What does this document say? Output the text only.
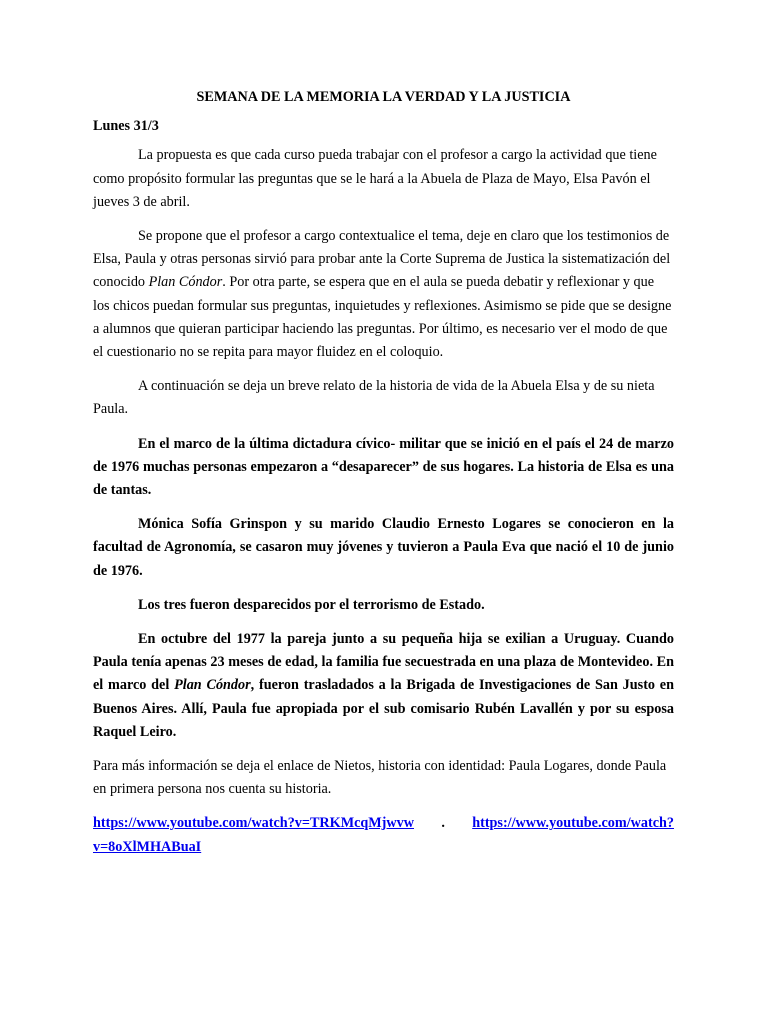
SEMANA DE LA MEMORIA LA VERDAD Y LA JUSTICIA
Lunes 31/3

La propuesta es que cada curso pueda trabajar con el profesor a cargo la actividad que tiene como propósito formular las preguntas que se le hará a la Abuela de Plaza de Mayo, Elsa Pavón el jueves 3 de abril.

Se propone que el profesor a cargo contextualice el tema, deje en claro que los testimonios de Elsa, Paula y otras personas sirvió para probar ante la Corte Suprema de Justica la sistematización del conocido Plan Cóndor. Por otra parte, se espera que en el aula se pueda debatir y reflexionar y que los chicos puedan formular sus preguntas, inquietudes y reflexiones. Asimismo se pide que se designe a alumnos que quieran participar haciendo las preguntas. Por último, es necesario ver el modo de que el cuestionario no se repita para mayor fluidez en el coloquio.

A continuación se deja un breve relato de la historia de vida de la Abuela Elsa y de su nieta Paula.

En el marco de la última dictadura cívico- militar que se inició en el país el 24 de marzo de 1976 muchas personas empezaron a “desaparecer” de sus hogares. La historia de Elsa es una de tantas.

Mónica Sofía Grinspon y su marido Claudio Ernesto Logares se conocieron en la facultad de Agronomía, se casaron muy jóvenes y tuvieron a Paula Eva que nació el 10 de junio de 1976.

Los tres fueron desparecidos por el terrorismo de Estado.

En octubre del 1977 la pareja junto a su pequeña hija se exilian a Uruguay. Cuando Paula tenía apenas 23 meses de edad, la familia fue secuestrada en una plaza de Montevideo. En el marco del Plan Cóndor, fueron trasladados a la Brigada de Investigaciones de San Justo en Buenos Aires. Allí, Paula fue apropiada por el sub comisario Rubén Lavallén y por su esposa Raquel Leiro.

Para más información se deja el enlace de Nietos, historia con identidad: Paula Logares, donde Paula en primera persona nos cuenta su historia.

https://www.youtube.com/watch?v=TRKMcqMjwvw . https://www.youtube.com/watch?
v=8oXlMHABuaI
